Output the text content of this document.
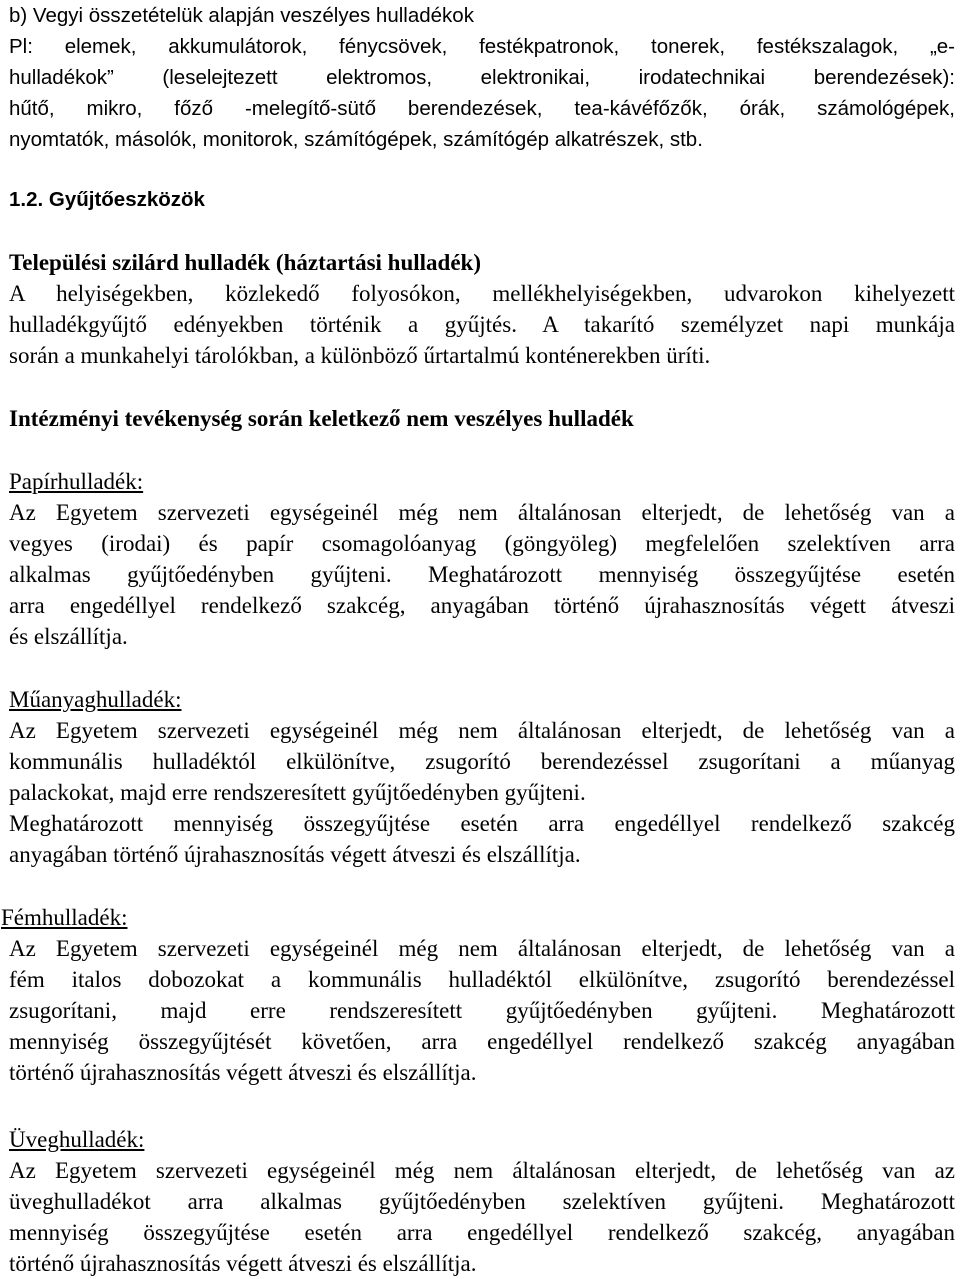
b) Vegyi összetételük alapján veszélyes hulladékok
Pl: elemek, akkumulátorok, fénycsövek, festékpatronok, tonerek, festékszalagok, „e-
hulladékok” (leselejtezett elektromos, elektronikai, irodatechnikai berendezések):
hűtő, mikro, főző -melegítő-sütő berendezések, tea-kávéfőzők, órák, számológépek,
nyomtatók, másolók, monitorok, számítógépek, számítógép alkatrészek, stb.
1.2. Gyűjtőeszközök
Települési szilárd hulladék (háztartási hulladék)
A helyiségekben, közlekedő folyosókon, mellékhelyiségekben, udvarokon kihelyezett
hulladékgyűjtő edényekben történik a gyűjtés. A takarító személyzet napi munkája
során a munkahelyi tárolókban, a különböző űrtartalmú konténerekben üríti.
Intézményi tevékenység során keletkező nem veszélyes hulladék
Papírhulladék:
Az Egyetem szervezeti egységeinél még nem általánosan elterjedt, de lehetőség van a
vegyes (irodai) és papír csomagolóanyag (göngyöleg) megfelelően szelektíven arra
alkalmas gyűjtőedényben gyűjteni. Meghatározott mennyiség összegyűjtése esetén
arra engedéllyel rendelkező szakcég, anyagában történő újrahasznosítás végett átveszi
és elszállítja.
Műanyaghulladék:
Az Egyetem szervezeti egységeinél még nem általánosan elterjedt, de lehetőség van a
kommunális hulladéktól elkülönítve, zsugorító berendezéssel zsugorítani a műanyag
palackokat, majd erre rendszeresített gyűjtőedényben gyűjteni.
Meghatározott mennyiség összegyűjtése esetén arra engedéllyel rendelkező szakcég
anyagában történő újrahasznosítás végett átveszi és elszállítja.
Fémhulladék:
Az Egyetem szervezeti egységeinél még nem általánosan elterjedt, de lehetőség van a
fém italos dobozokat a kommunális hulladéktól elkülönítve, zsugorító berendezéssel
zsugorítani, majd erre rendszeresített gyűjtőedényben gyűjteni. Meghatározott
mennyiség összegyűjtését követően, arra engedéllyel rendelkező szakcég anyagában
történő újrahasznosítás végett átveszi és elszállítja.
Üveghulladék:
Az Egyetem szervezeti egységeinél még nem általánosan elterjedt, de lehetőség van az
üveghulladékot arra alkalmas gyűjtőedényben szelektíven gyűjteni. Meghatározott
mennyiség összegyűjtése esetén arra engedéllyel rendelkező szakcég, anyagában
történő újrahasznosítás végett átveszi és elszállítja.
